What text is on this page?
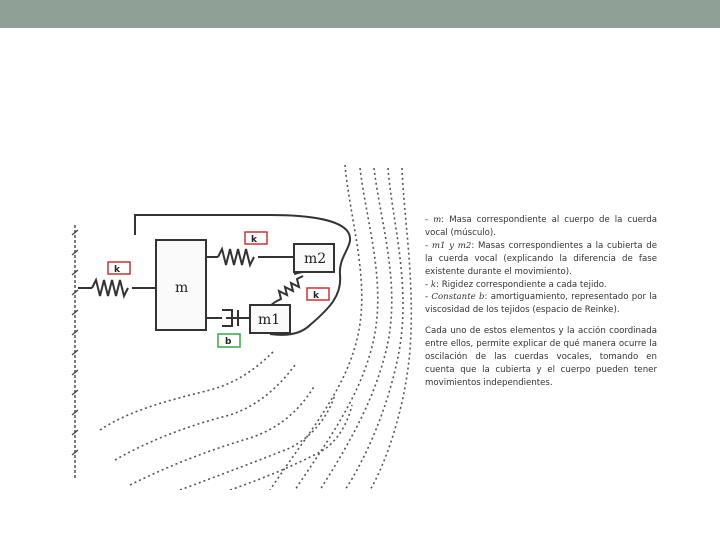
m
m2
m1
k
k
k
b

- m: Masa correspondiente al cuerpo de la cuerda vocal (músculo).

- m1 y m2: Masas correspondientes a la cubierta de la cuerda vocal (explicando la diferencia de fase existente durante el movimiento).

- k: Rigidez correspondiente a cada tejido.

- Constante b: amortiguamiento, representado por la viscosidad de los tejidos (espacio de Reinke).

Cada uno de estos elementos y la acción coordinada entre ellos, permite explicar de qué manera ocurre la oscilación de las cuerdas vocales, tomando en cuenta que la cubierta y el cuerpo pueden tener movimientos independientes.
